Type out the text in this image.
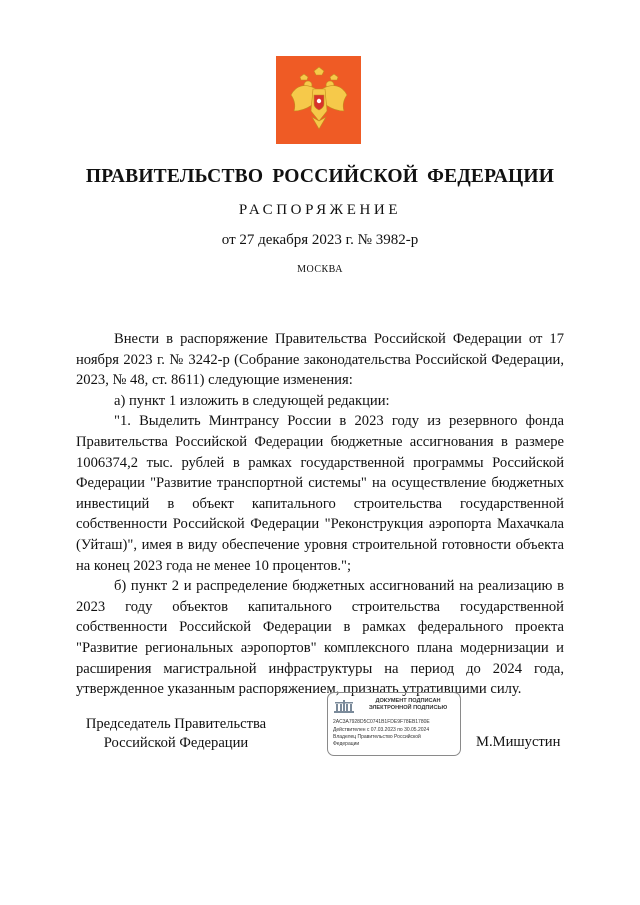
ПРАВИТЕЛЬСТВО РОССИЙСКОЙ ФЕДЕРАЦИИ
РАСПОРЯЖЕНИЕ
от 27 декабря 2023 г. № 3982-р
МОСКВА

Внести в распоряжение Правительства Российской Федерации от 17 ноября 2023 г. № 3242-р (Собрание законодательства Российской Федерации, 2023, № 48, ст. 8611) следующие изменения:

а) пункт 1 изложить в следующей редакции:

"1. Выделить Минтрансу России в 2023 году из резервного фонда Правительства Российской Федерации бюджетные ассигнования в размере 1006374,2 тыс. рублей в рамках государственной программы Российской Федерации "Развитие транспортной системы" на осуществление бюджетных инвестиций в объект капитального строительства государственной собственности Российской Федерации "Реконструкция аэропорта Махачкала (Уйташ)", имея в виду обеспечение уровня строительной готовности объекта на конец 2023 года не менее 10 процентов.";

б) пункт 2 и распределение бюджетных ассигнований на реализацию в 2023 году объектов капитального строительства государственной собственности Российской Федерации в рамках федерального проекта "Развитие региональных аэропортов" комплексного плана модернизации и расширения магистральной инфраструктуры на период до 2024 года, утвержденное указанным распоряжением, признать утратившими силу.

Председатель Правительства
Российской Федерации
ДОКУМЕНТ ПОДПИСАН
ЭЛЕКТРОННОЙ ПОДПИСЬЮ
2AC3A7928D5C0741B1FDE9F78EB1780E
Действителен с 07.03.2023 по 30.05.2024
Владелец Правительство Российской
Федерации	М.Мишустин
